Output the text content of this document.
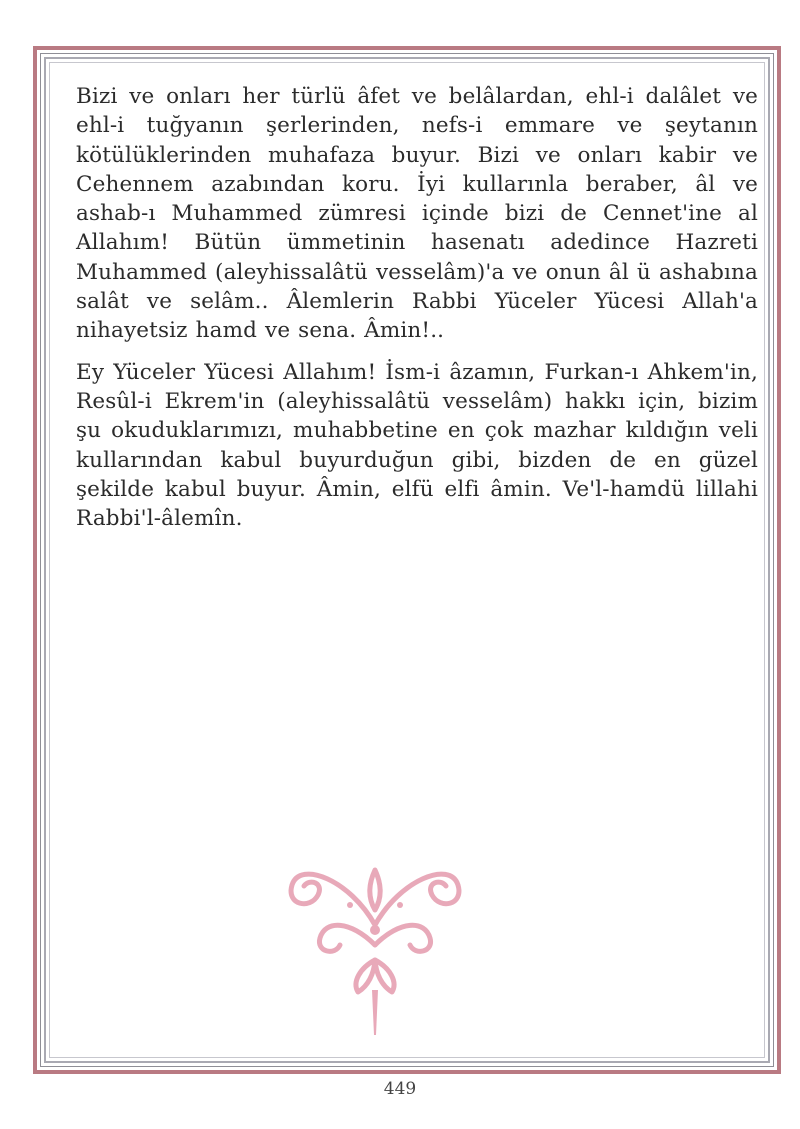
Bizi ve onları her türlü âfet ve belâlardan, ehl-i dalâlet ve ehl-i tuğyanın şerlerinden, nefs-i emmare ve şeytanın kötülüklerinden muhafaza buyur. Bizi ve onları kabir ve Cehennem azabından koru. İyi kullarınla beraber, âl ve ashab-ı Muhammed zümresi içinde bizi de Cennet'ine al Allahım! Bütün ümmetinin hasenatı adedince Hazreti Muhammed (aleyhissalâtü vesselâm)'a ve onun âl ü ashabına salât ve selâm.. Âlemlerin Rabbi Yüceler Yücesi Allah'a nihayetsiz hamd ve sena. Âmin!..

Ey Yüceler Yücesi Allahım! İsm-i âzamın, Furkan-ı Ahkem'in, Resûl-i Ekrem'in (aleyhissalâtü vesselâm) hakkı için, bizim şu okuduklarımızı, muhabbetine en çok mazhar kıldığın veli kullarından kabul buyurduğun gibi, bizden de en güzel şekilde kabul buyur. Âmin, elfü elfi âmin. Ve'l-hamdü lillahi Rabbi'l-âlemîn.

449
